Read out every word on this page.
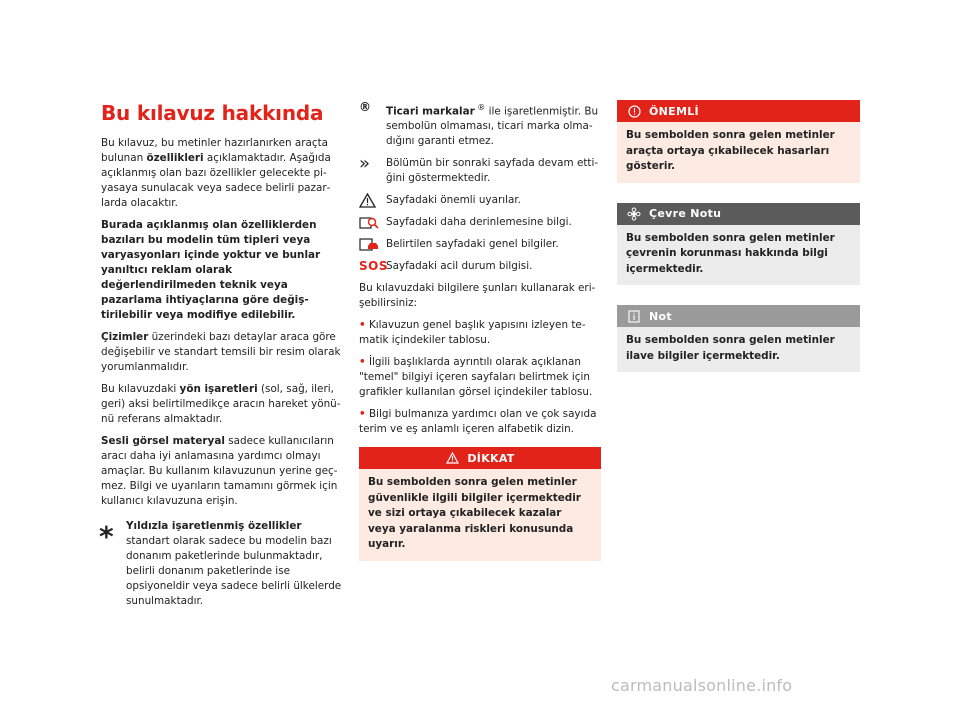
Bu kılavuz hakkında

Bu kılavuz, bu metinler hazırlanırken araçta bulunan özellikleri açıklamaktadır. Aşağıda açıklanmış olan bazı özellikler gelecekte piyasaya sunulacak veya sadece belirli pazarlarda olacaktır.

Burada açıklanmış olan özelliklerden bazıları bu modelin tüm tipleri veya varyasyonları içinde yoktur ve bunlar yanıltıcı reklam olarak değerlendirilmeden teknik veya pazarlama ihtiyaçlarına göre değiştirilebilir veya modifiye edilebilir.

Çizimler üzerindeki bazı detaylar araca göre değişebilir ve standart temsili bir resim olarak yorumlanmalıdır.

Bu kılavuzdaki yön işaretleri (sol, sağ, ileri, geri) aksi belirtilmedikçe aracın hareket yönünü referans almaktadır.

Sesli görsel materyal sadece kullanıcıların aracı daha iyi anlamasına yardımcı olmayı amaçlar. Bu kullanım kılavuzunun yerine geçmez. Bilgi ve uyarıların tamamını görmek için kullanıcı kılavuzuna erişin.

* Yıldızla işaretlenmiş özellikler standart olarak sadece bu modelin bazı donanım paketlerinde bulunmaktadır, belirli donanım paketlerinde ise opsiyoneldir veya sadece belirli ülkelerde sunulmaktadır.

® Ticari markalar ® ile işaretlenmiştir. Bu sembolün olmaması, ticari marka olmadığını garanti etmez.
» Bölümün bir sonraki sayfada devam ettiğini göstermektedir.
Sayfadaki önemli uyarılar.
Sayfadaki daha derinlemesine bilgi.
Belirtilen sayfadaki genel bilgiler.
SOS
Sayfadaki acil durum bilgisi.

Bu kılavuzdaki bilgilere şunları kullanarak erişebilirsiniz:

• Kılavuzun genel başlık yapısını izleyen tematik içindekiler tablosu.

• İlgili başlıklarda ayrıntılı olarak açıklanan "temel" bilgiyi içeren sayfaları belirtmek için grafikler kullanılan görsel içindekiler tablosu.

• Bilgi bulmanıza yardımcı olan ve çok sayıda terim ve eş anlamlı içeren alfabetik dizin.

DİKKAT
Bu sembolden sonra gelen metinler güvenlikle ilgili bilgiler içermektedir ve sizi ortaya çıkabilecek kazalar veya yaralanma riskleri konusunda uyarır.
ÖNEMLİ
Bu sembolden sonra gelen metinler araçta ortaya çıkabilecek hasarları gösterir.
Çevre Notu
Bu sembolden sonra gelen metinler çevrenin korunması hakkında bilgi içermektedir.
Not
Bu sembolden sonra gelen metinler ilave bilgiler içermektedir.
carmanualsonline.info
